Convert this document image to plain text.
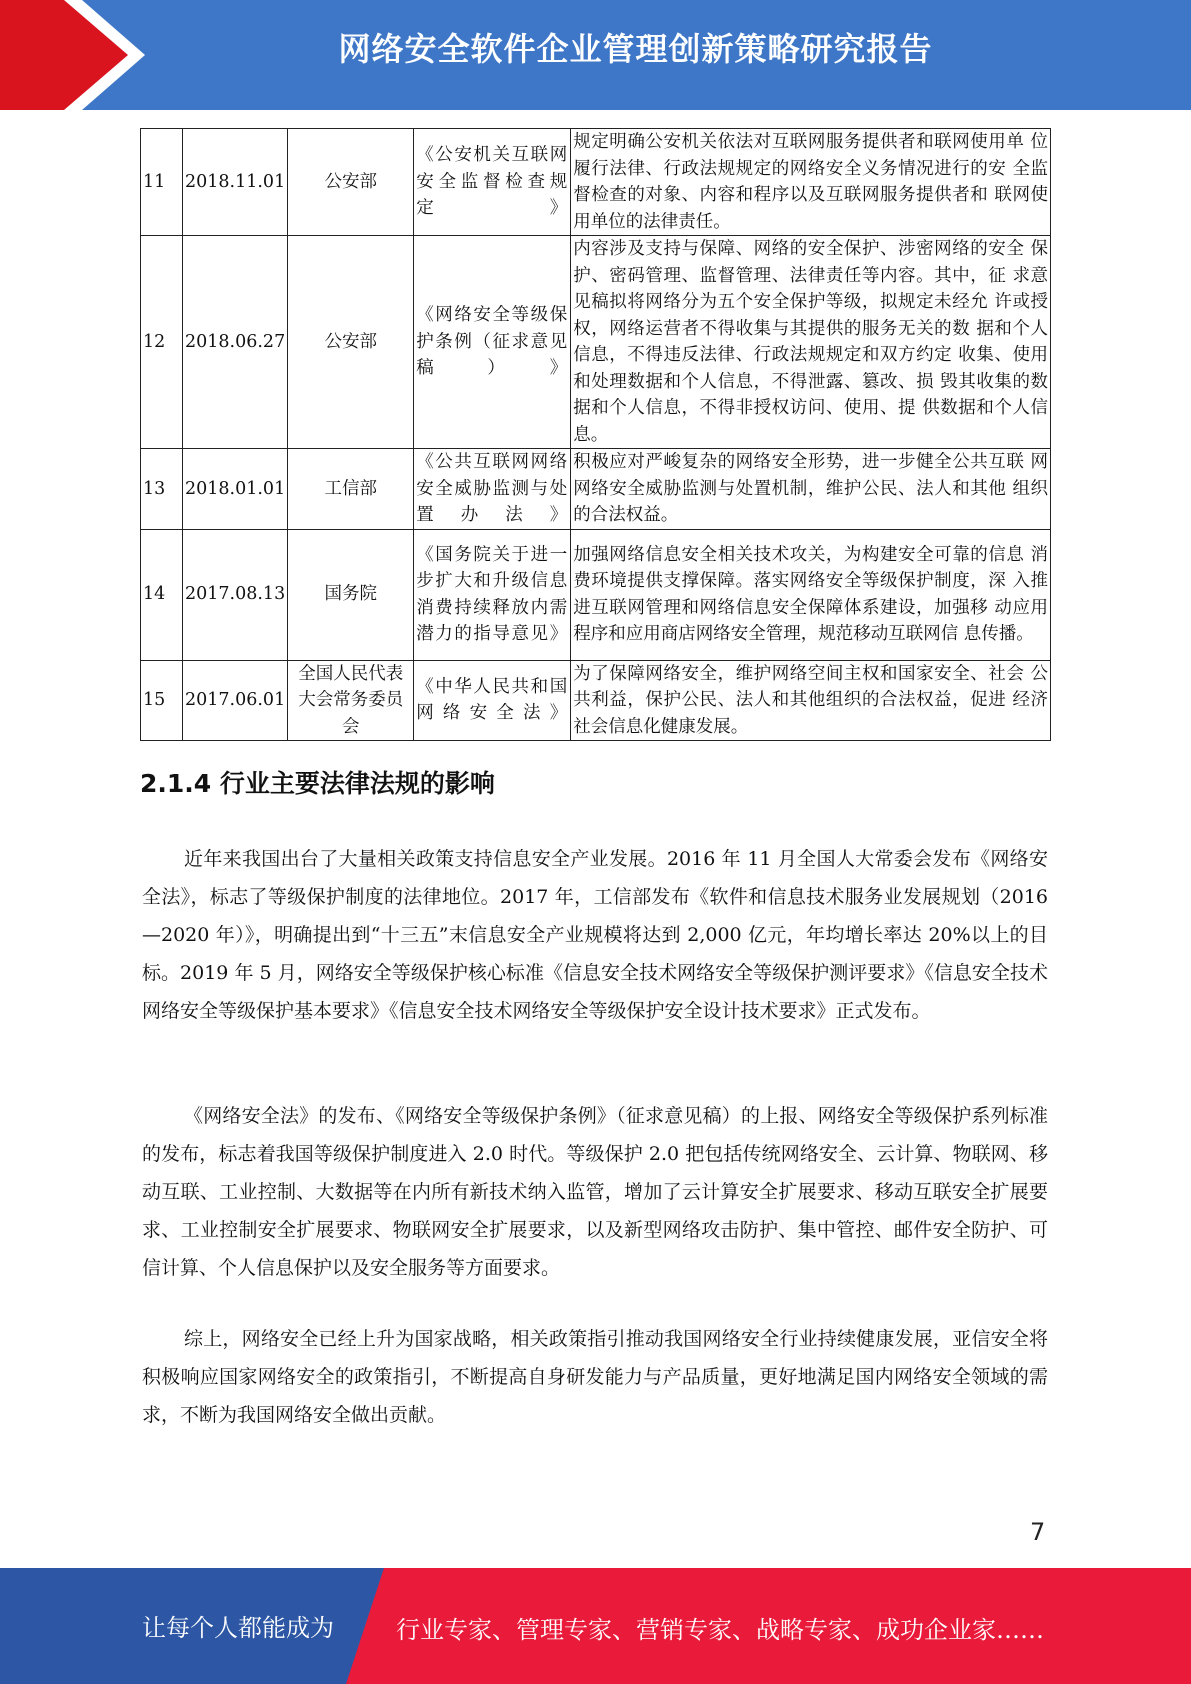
网络安全软件企业管理创新策略研究报告
11	2018.11.01	公安部	《公安机关互联网安全监督检查规定》	规定明确公安机关依法对互联网服务提供者和联网使用单 位履行法律、行政法规规定的网络安全义务情况进行的安 全监督检查的对象、内容和程序以及互联网服务提供者和 联网使用单位的法律责任。
12	2018.06.27	公安部	《网络安全等级保护条例（征求意见稿）》	内容涉及支持与保障、网络的安全保护、涉密网络的安全 保护、密码管理、监督管理、法律责任等内容。其中，征 求意见稿拟将网络分为五个安全保护等级，拟规定未经允 许或授权，网络运营者不得收集与其提供的服务无关的数 据和个人信息，不得违反法律、行政法规规定和双方约定 收集、使用和处理数据和个人信息，不得泄露、篡改、损 毁其收集的数据和个人信息，不得非授权访问、使用、提 供数据和个人信息。
13	2018.01.01	工信部	《公共互联网网络安全威胁监测与处置办法》	积极应对严峻复杂的网络安全形势，进一步健全公共互联 网网络安全威胁监测与处置机制，维护公民、法人和其他 组织的合法权益。
14	2017.08.13	国务院	《国务院关于进一步扩大和升级信息消费持续释放内需潜力的指导意见》	加强网络信息安全相关技术攻关，为构建安全可靠的信息 消费环境提供支撑保障。落实网络安全等级保护制度，深 入推进互联网管理和网络信息安全保障体系建设，加强移 动应用程序和应用商店网络安全管理，规范移动互联网信 息传播。
15	2017.06.01	全国人民代表大会常务委员会	《中华人民共和国网络安全法》	为了保障网络安全，维护网络空间主权和国家安全、社会 公共利益，保护公民、法人和其他组织的合法权益，促进 经济社会信息化健康发展。
2.1.4 行业主要法律法规的影响

近年来我国出台了大量相关政策支持信息安全产业发展。2016 年 11 月全国人大常委会发布《网络安全法》，标志了等级保护制度的法律地位。2017 年，工信部发布《软件和信息技术服务业发展规划（2016—2020 年）》，明确提出到“十三五”末信息安全产业规模将达到 2,000 亿元，年均增长率达 20%以上的目标。2019 年 5 月，网络安全等级保护核心标准《信息安全技术网络安全等级保护测评要求》《信息安全技术网络安全等级保护基本要求》《信息安全技术网络安全等级保护安全设计技术要求》正式发布。

《网络安全法》的发布、《网络安全等级保护条例》（征求意见稿）的上报、网络安全等级保护系列标准的发布，标志着我国等级保护制度进入 2.0 时代。等级保护 2.0 把包括传统网络安全、云计算、物联网、移动互联、工业控制、大数据等在内所有新技术纳入监管，增加了云计算安全扩展要求、移动互联安全扩展要求、工业控制安全扩展要求、物联网安全扩展要求，以及新型网络攻击防护、集中管控、邮件安全防护、可信计算、个人信息保护以及安全服务等方面要求。

综上，网络安全已经上升为国家战略，相关政策指引推动我国网络安全行业持续健康发展，亚信安全将积极响应国家网络安全的政策指引，不断提高自身研发能力与产品质量，更好地满足国内网络安全领域的需求，不断为我国网络安全做出贡献。

7
让每个人都能成为	行业专家、管理专家、营销专家、战略专家、成功企业家……
